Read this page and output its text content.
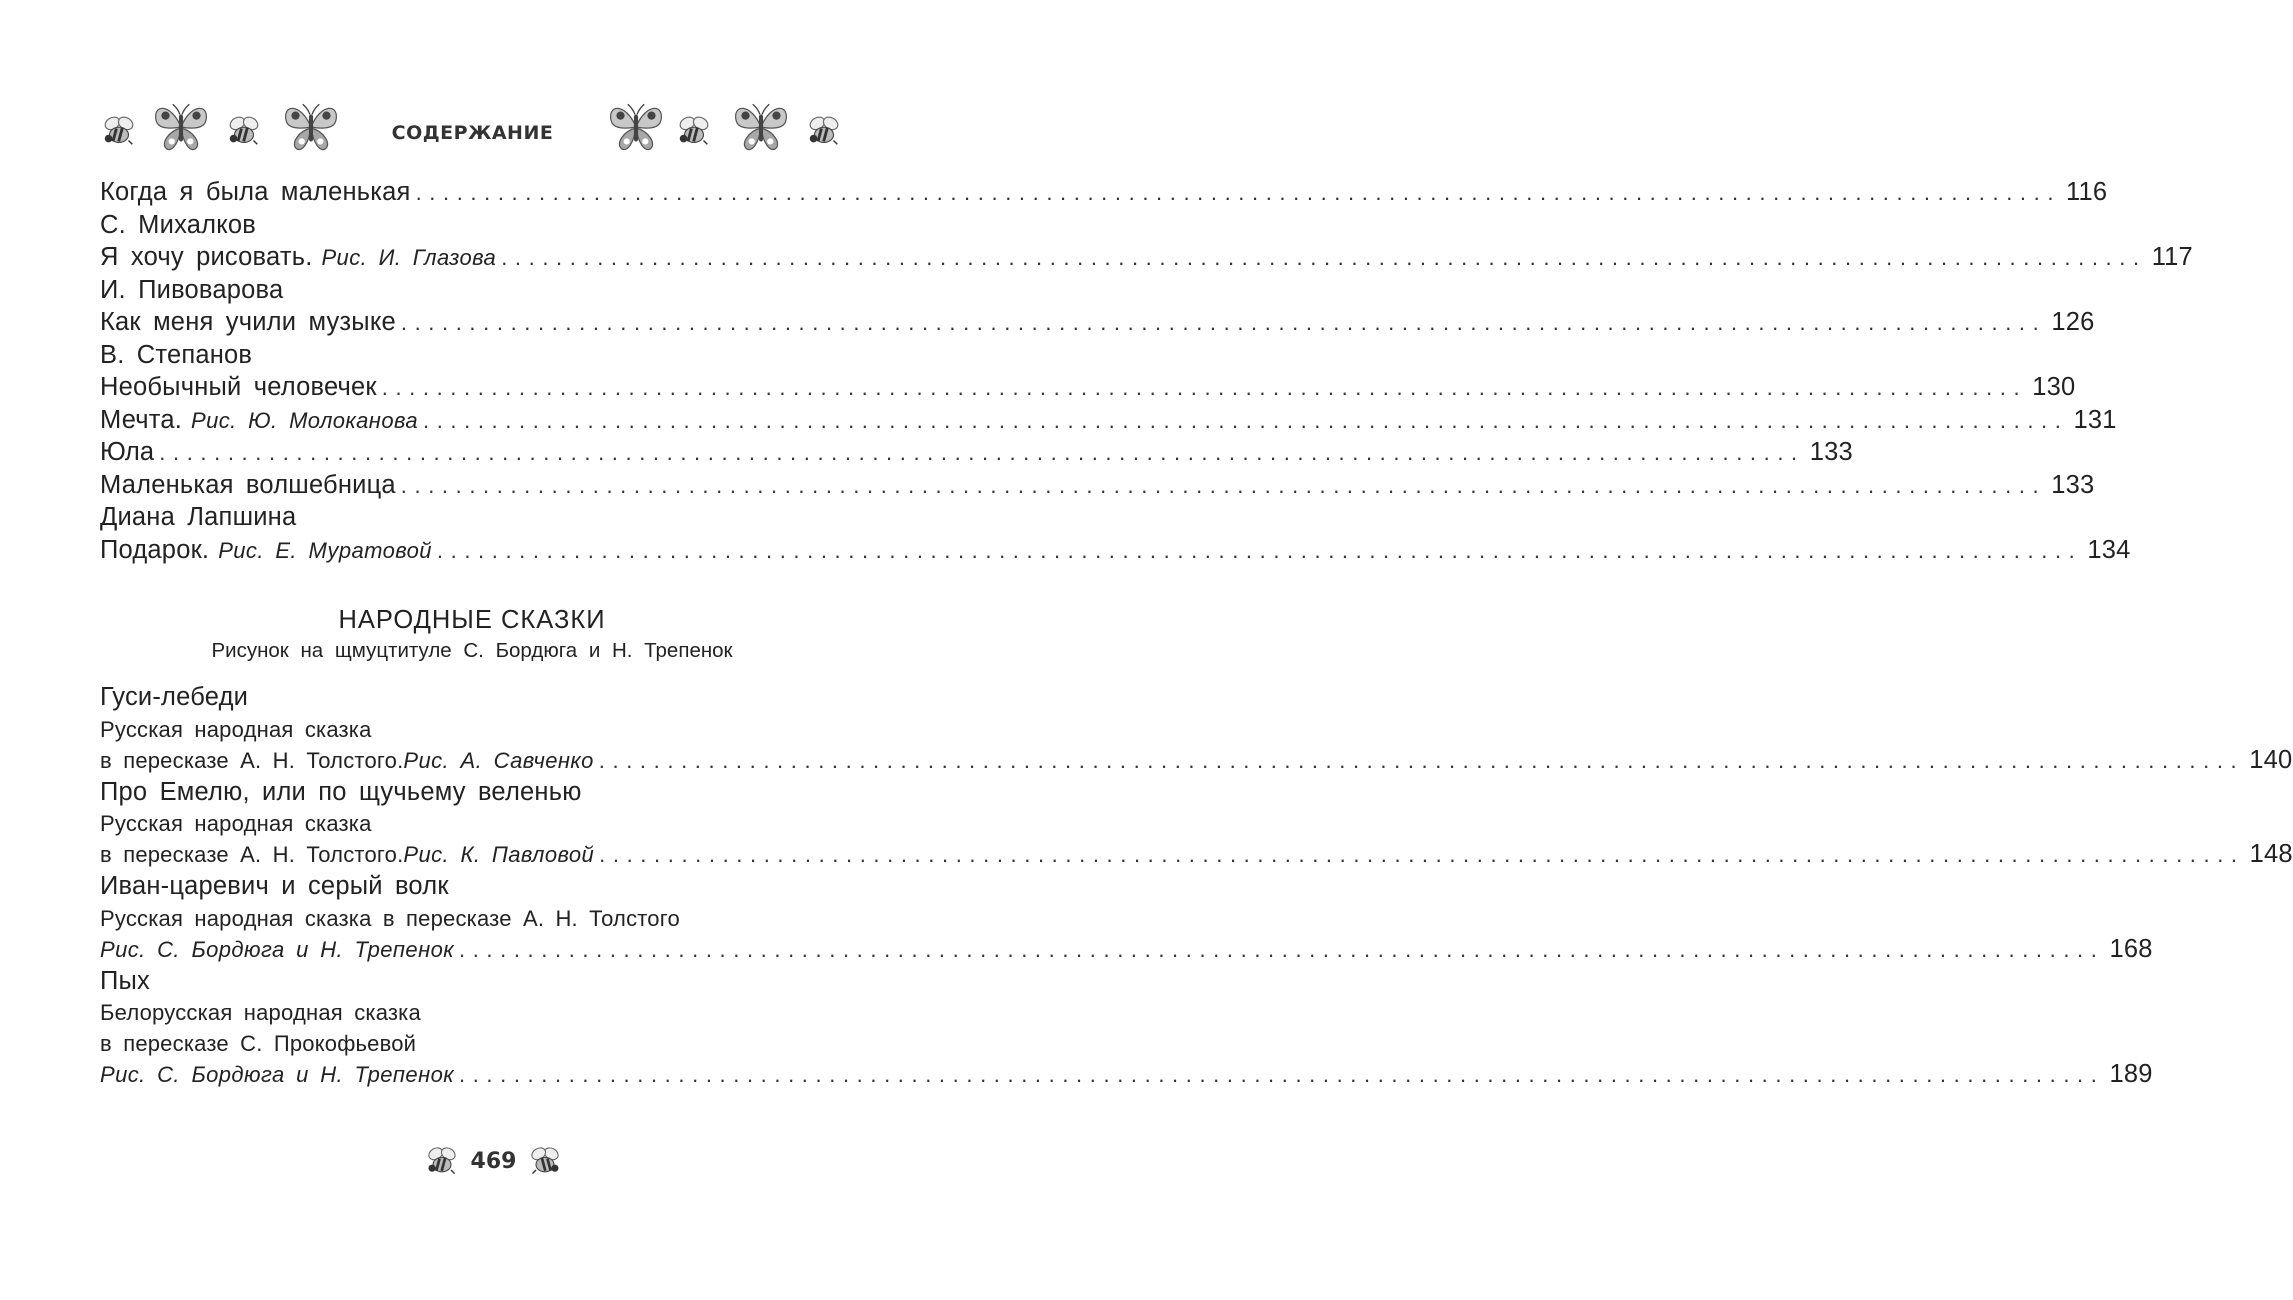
СОДЕРЖАНИЕ
Когда я была маленькая ........................................................................................................................ 116
С. Михалков
Я хочу рисовать. Рис. И. Глазова ........................................................................................................................ 117
И. Пивоварова
Как меня учили музыке ........................................................................................................................ 126
В. Степанов
Необычный человечек ........................................................................................................................ 130
Мечта. Рис. Ю. Молоканова ........................................................................................................................ 131
Юла ........................................................................................................................ 133
Маленькая волшебница ........................................................................................................................ 133
Диана Лапшина
Подарок. Рис. Е. Муратовой ........................................................................................................................ 134
НАРОДНЫЕ СКАЗКИ
Рисунок на щмуцтитуле С. Бордюга и Н. Трепенок
Гуси-лебеди
Русская народная сказка
в пересказе А. Н. Толстого. Рис. А. Савченко ........................................................................................................................ 140
Про Емелю, или по щучьему веленью
Русская народная сказка
в пересказе А. Н. Толстого. Рис. К. Павловой ........................................................................................................................ 148
Иван-царевич и серый волк
Русская народная сказка в пересказе А. Н. Толстого
Рис. С. Бордюга и Н. Трепенок ........................................................................................................................ 168
Пых
Белорусская народная сказка
в пересказе С. Прокофьевой
Рис. С. Бордюга и Н. Трепенок ........................................................................................................................ 189
469
